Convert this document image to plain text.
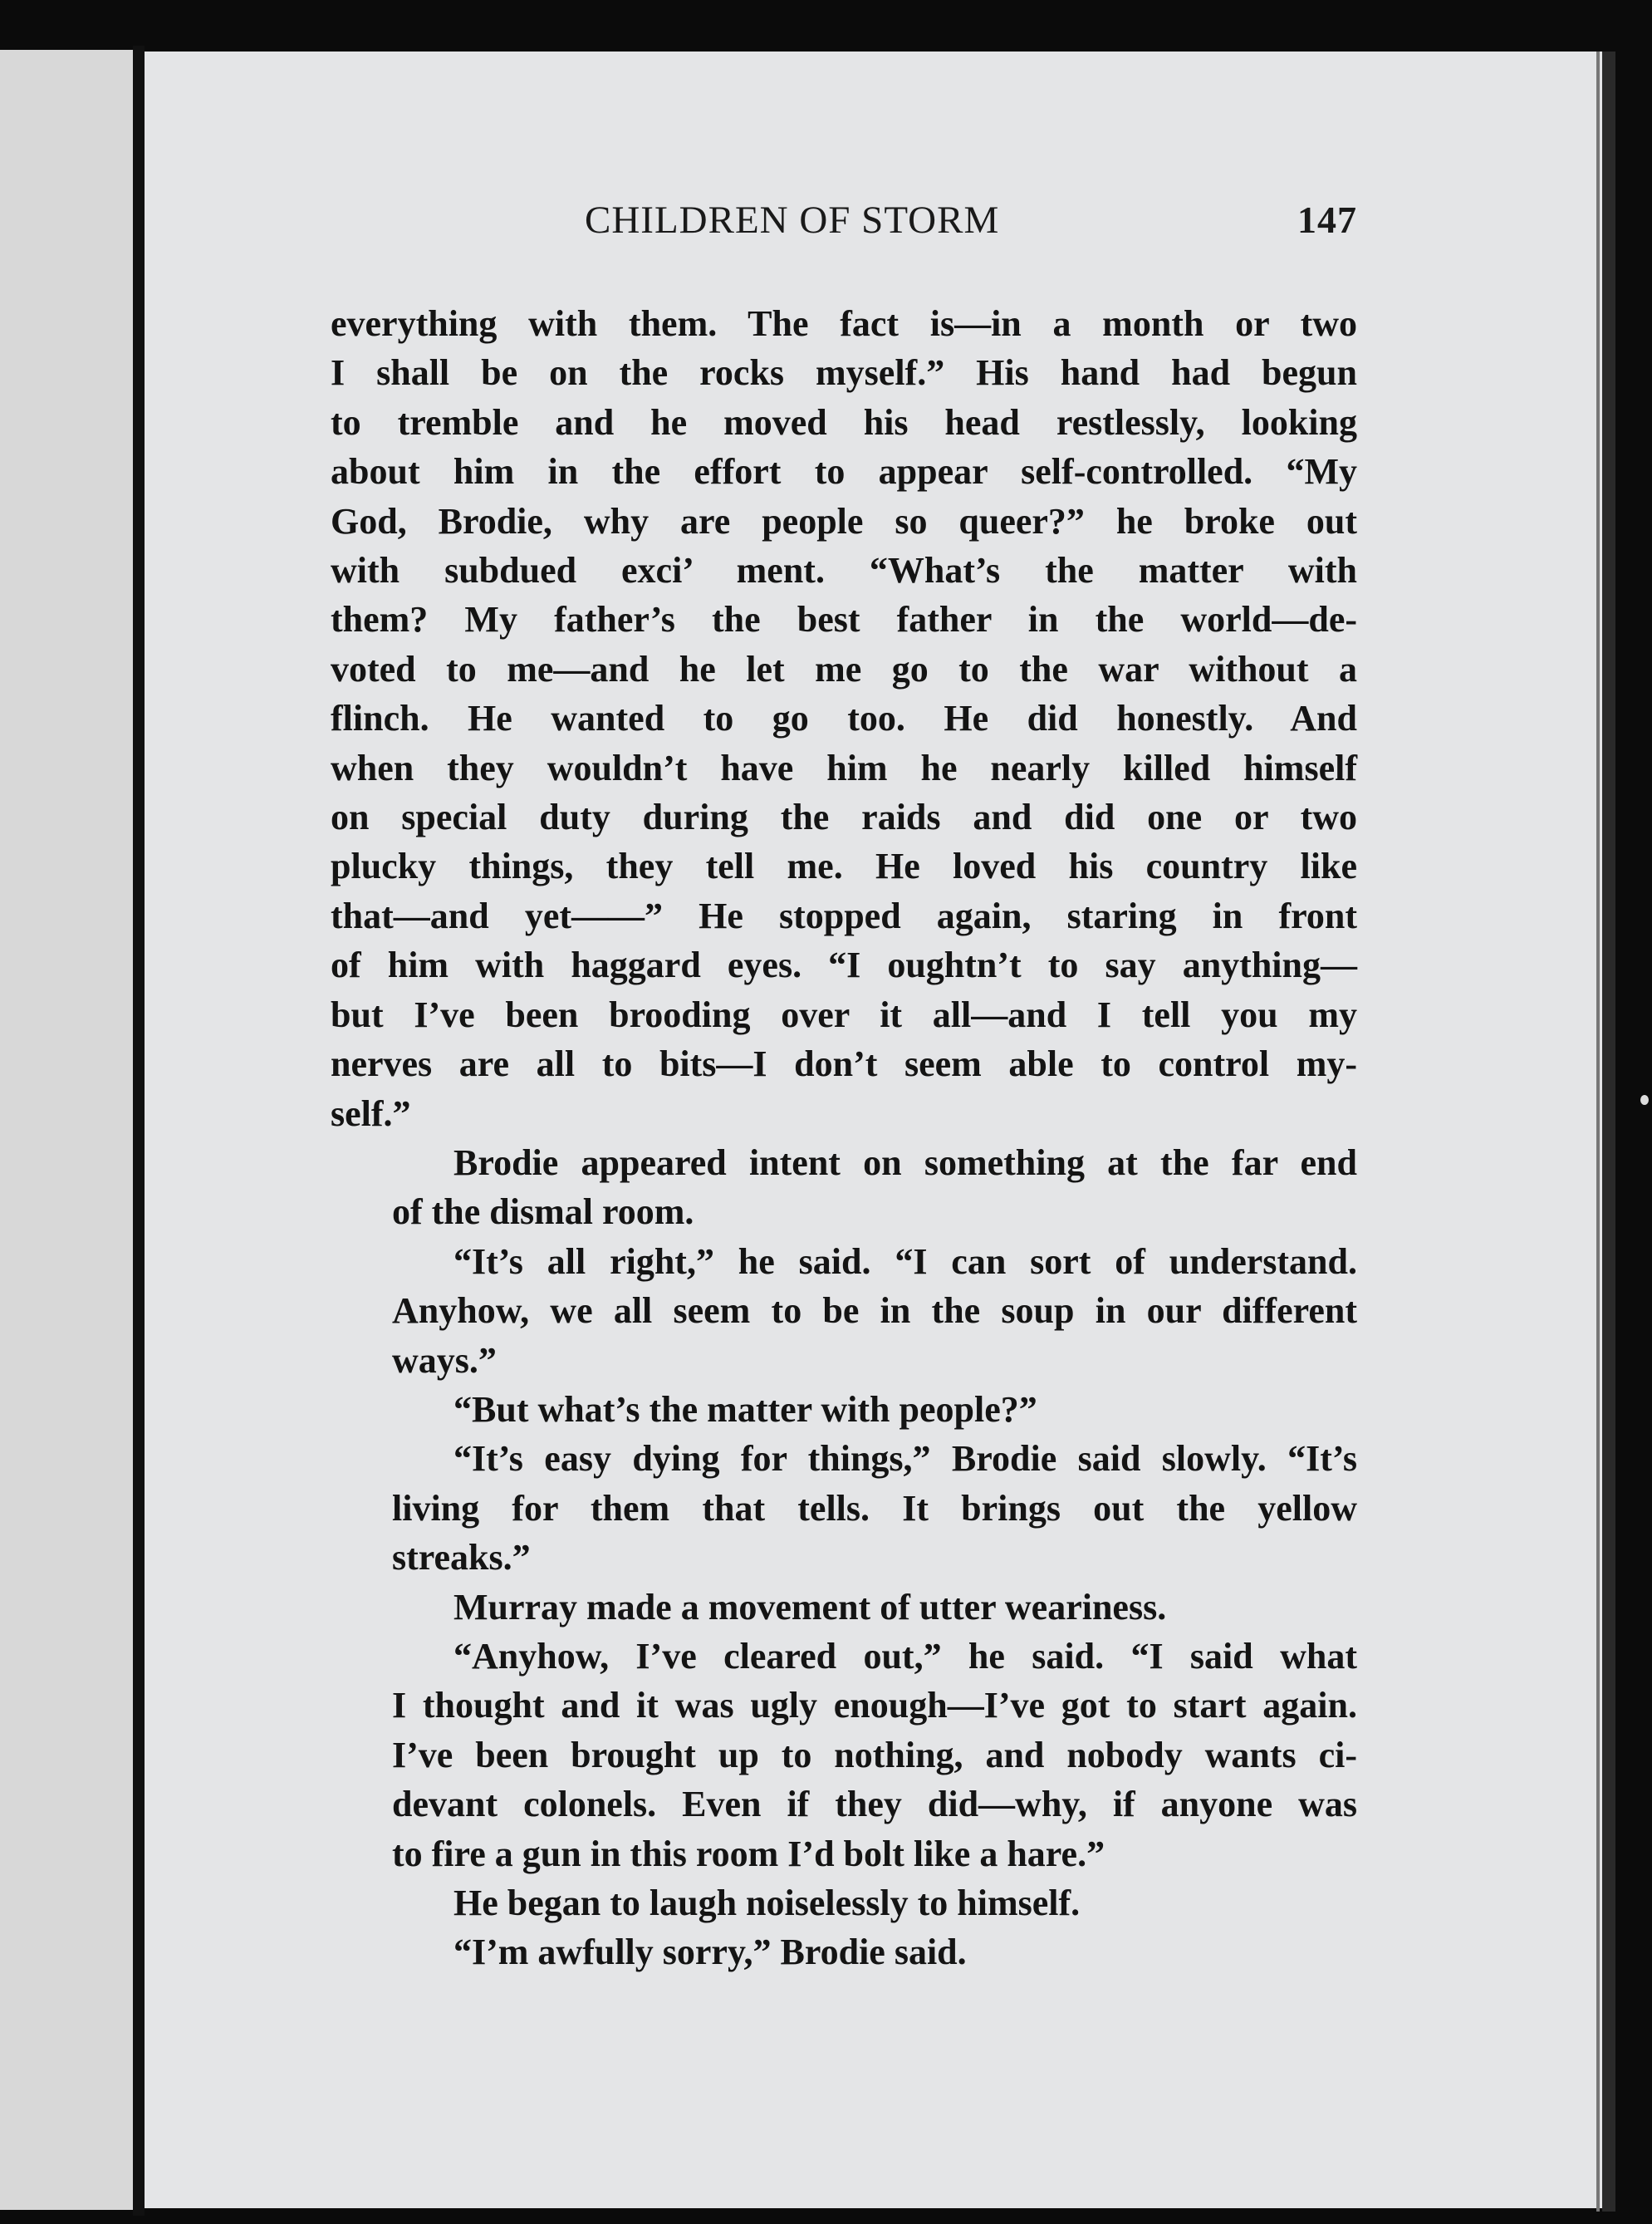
CHILDREN OF STORM	147
everything with them. The fact is—in a month or two
I shall be on the rocks myself.” His hand had begun
to tremble and he moved his head restlessly, looking
about him in the effort to appear self-controlled. “My
God, Brodie, why are people so queer?” he broke out
with subdued exci’ ment. “What’s the matter with
them? My father’s the best father in the world—de-
voted to me—and he let me go to the war without a
flinch. He wanted to go too. He did honestly. And
when they wouldn’t have him he nearly killed himself
on special duty during the raids and did one or two
plucky things, they tell me. He loved his country like
that—and yet——” He stopped again, staring in front
of him with haggard eyes. “I oughtn’t to say anything—
but I’ve been brooding over it all—and I tell you my
nerves are all to bits—I don’t seem able to control my-
self.”
Brodie appeared intent on something at the far end
of the dismal room.
“It’s all right,” he said. “I can sort of understand.
Anyhow, we all seem to be in the soup in our different
ways.”
“But what’s the matter with people?”
“It’s easy dying for things,” Brodie said slowly. “It’s
living for them that tells. It brings out the yellow
streaks.”
Murray made a movement of utter weariness.
“Anyhow, I’ve cleared out,” he said. “I said what
I thought and it was ugly enough—I’ve got to start again.
I’ve been brought up to nothing, and nobody wants ci-
devant colonels. Even if they did—why, if anyone was
to fire a gun in this room I’d bolt like a hare.”
He began to laugh noiselessly to himself.
“I’m awfully sorry,” Brodie said.
